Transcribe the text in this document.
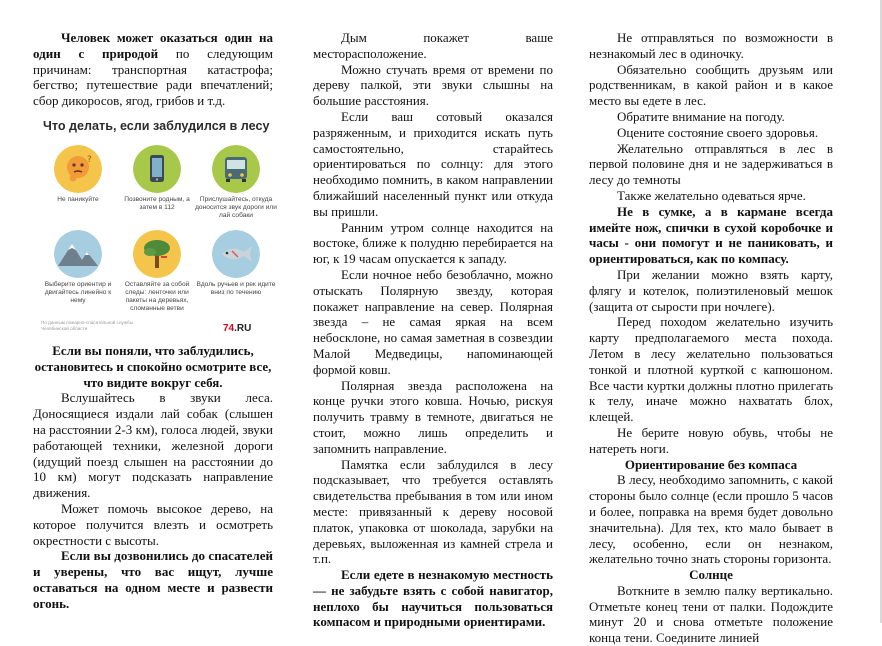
Человек может оказаться один на один с природой по следующим причинам: транспортная катастрофа; бегство; путешествие ради впечатлений; сбор дикоросов, ягод, грибов и т.д.

Что делать, если заблудился в лесу
?
Не паникуйте	Позвоните родным, а затем в 112
Прислушайтесь, откуда доносится звук дороги или лай собаки
Выберите ориентир и двигайтесь линейно к нему
Оставляйте за собой следы: ленточки или пакеты на деревьях, сломанные ветви
Вдоль ручьев и рек идите вниз по течению
По данным пожарно-спасательной службы Челябинской области	74.RU

Если вы поняли, что заблудились, остановитесь и спокойно осмотрите все, что видите вокруг себя.

Вслушайтесь в звуки леса. Доносящиеся издали лай собак (слышен на расстоянии 2-3 км), голоса людей, звуки работающей техники, железной дороги (идущий поезд слышен на расстоянии до 10 км) могут подсказать направление движения.

Может помочь высокое дерево, на которое получится влезть и осмотреть окрестности с высоты.

Если вы дозвонились до спасателей и уверены, что вас ищут, лучше оставаться на одном месте и развести огонь.

Дым покажет ваше месторасположение.

Можно стучать время от времени по дереву палкой, эти звуки слышны на большие расстояния.

Если ваш сотовый оказался разряженным, и приходится искать путь самостоятельно, старайтесь ориентироваться по солнцу: для этого необходимо помнить, в каком направлении ближайший населенный пункт или откуда вы пришли.

Ранним утром солнце находится на востоке, ближе к полудню перебирается на юг, к 19 часам опускается к западу.

Если ночное небо безоблачно, можно отыскать Полярную звезду, которая покажет направление на север. Полярная звезда – не самая яркая на всем небосклоне, но самая заметная в созвездии Малой Медведицы, напоминающей формой ковш.

Полярная звезда расположена на конце ручки этого ковша. Ночью, рискуя получить травму в темноте, двигаться не стоит, можно лишь определить и запомнить направление.

Памятка если заблудился в лесу подсказывает, что требуется оставлять свидетельства пребывания в том или ином месте: привязанный к дереву носовой платок, упаковка от шоколада, зарубки на деревьях, выложенная из камней стрела и т.п.

Если едете в незнакомую местность — не забудьте взять с собой навигатор, неплохо бы научиться пользоваться компасом и природными ориентирами.

Не отправляться по возможности в незнакомый лес в одиночку.

Обязательно сообщить друзьям или родственникам, в какой район и в какое место вы едете в лес.

Обратите внимание на погоду.

Оцените состояние своего здоровья.

Желательно отправляться в лес в первой половине дня и не задерживаться в лесу до темноты

Также желательно одеваться ярче.

Не в сумке, а в кармане всегда имейте нож, спички в сухой коробочке и часы - они помогут и не паниковать, и ориентироваться, как по компасу.

При желании можно взять карту, флягу и котелок, полиэтиленовый мешок (защита от сырости при ночлеге).

Перед походом желательно изучить карту предполагаемого места похода. Летом в лесу желательно пользоваться тонкой и плотной курткой с капюшоном. Все части куртки должны плотно прилегать к телу, иначе можно нахватать блох, клещей.

Не берите новую обувь, чтобы не натереть ноги.

Ориентирование без компаса

В лесу, необходимо запомнить, с какой стороны было солнце (если прошло 5 часов и более, поправка на время будет довольно значительна). Для тех, кто мало бывает в лесу, особенно, если он незнаком, желательно точно знать стороны горизонта.

Солнце

Воткните в землю палку вертикально. Отметьте конец тени от палки. Подождите минут 20 и снова отметьте положение конца тени. Соедините линией
